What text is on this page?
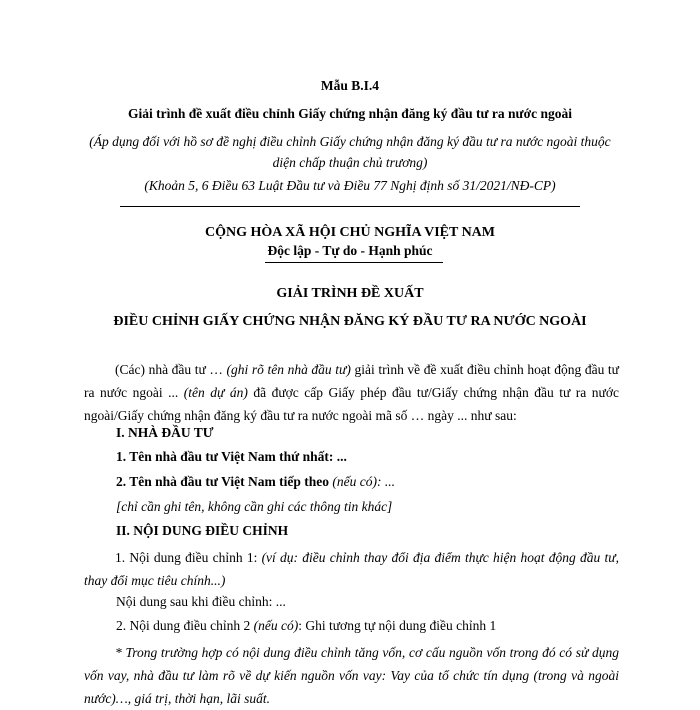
Mẫu B.I.4
Giải trình đề xuất điều chỉnh Giấy chứng nhận đăng ký đầu tư ra nước ngoài
(Áp dụng đối với hồ sơ đề nghị điều chỉnh Giấy chứng nhận đăng ký đầu tư ra nước ngoài thuộc diện chấp thuận chủ trương)
(Khoản 5, 6 Điều 63 Luật Đầu tư và Điều 77 Nghị định số 31/2021/NĐ-CP)
CỘNG HÒA XÃ HỘI CHỦ NGHĨA VIỆT NAM
Độc lập - Tự do - Hạnh phúc
GIẢI TRÌNH ĐỀ XUẤT
ĐIỀU CHỈNH GIẤY CHỨNG NHẬN ĐĂNG KÝ ĐẦU TƯ RA NƯỚC NGOÀI
(Các) nhà đầu tư … (ghi rõ tên nhà đầu tư) giải trình về đề xuất điều chỉnh hoạt động đầu tư ra nước ngoài ... (tên dự án) đã được cấp Giấy phép đầu tư/Giấy chứng nhận đầu tư ra nước ngoài/Giấy chứng nhận đăng ký đầu tư ra nước ngoài mã số … ngày ... như sau:
I. NHÀ ĐẦU TƯ
1. Tên nhà đầu tư Việt Nam thứ nhất: ...
2. Tên nhà đầu tư Việt Nam tiếp theo (nếu có): ...
[chỉ cần ghi tên, không cần ghi các thông tin khác]
II. NỘI DUNG ĐIỀU CHỈNH
1. Nội dung điều chỉnh 1: (ví dụ: điều chỉnh thay đổi địa điểm thực hiện hoạt động đầu tư, thay đổi mục tiêu chính...)
Nội dung sau khi điều chỉnh: ...
2. Nội dung điều chỉnh 2 (nếu có): Ghi tương tự nội dung điều chỉnh 1
* Trong trường hợp có nội dung điều chỉnh tăng vốn, cơ cấu nguồn vốn trong đó có sử dụng vốn vay, nhà đầu tư làm rõ về dự kiến nguồn vốn vay: Vay của tổ chức tín dụng (trong và ngoài nước)…, giá trị, thời hạn, lãi suất.
